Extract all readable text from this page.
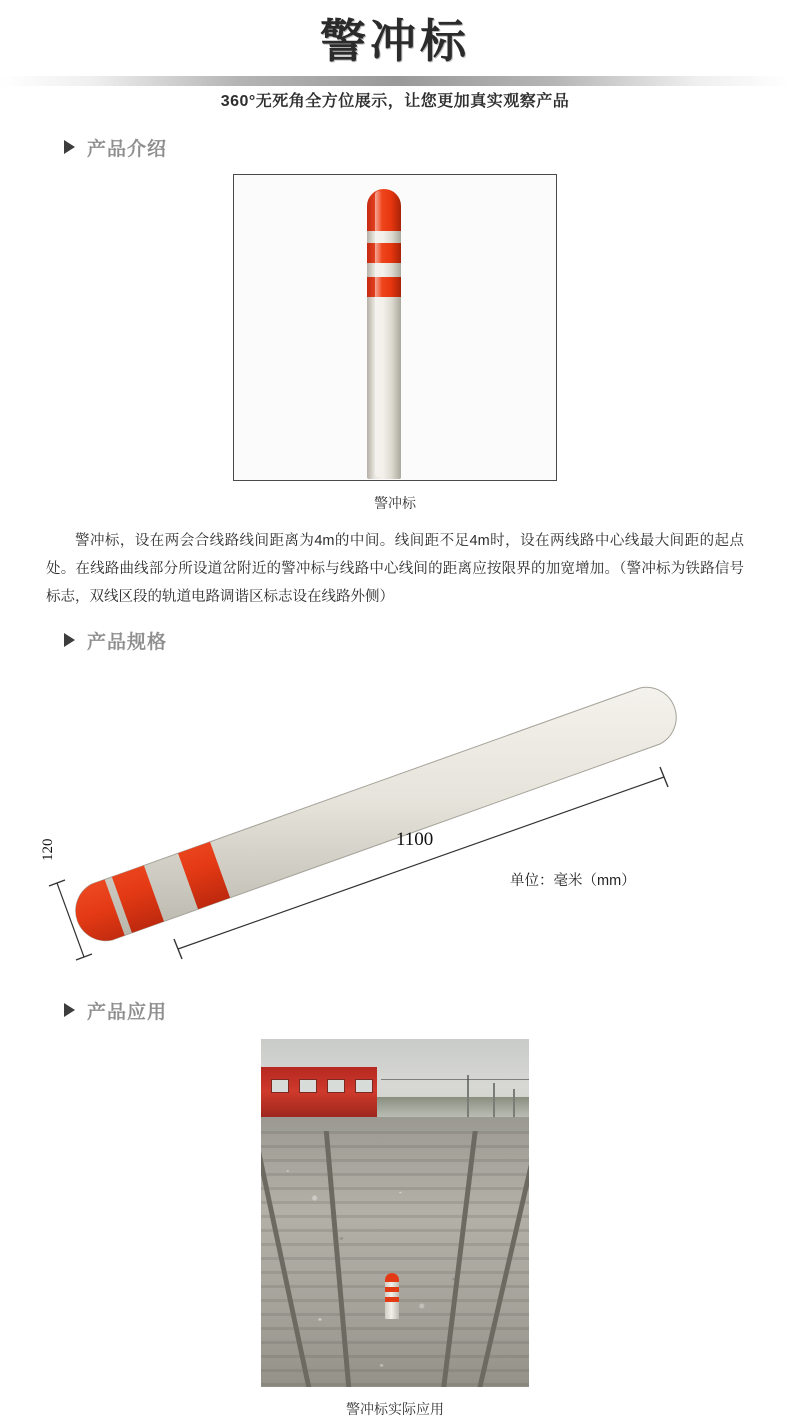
警冲标
360°无死角全方位展示，让您更加真实观察产品
产品介绍
警冲标

警冲标，设在两会合线路线间距离为4m的中间。线间距不足4m时，设在两线路中心线最大间距的起点处。在线路曲线部分所设道岔附近的警冲标与线路中心线间的距离应按限界的加宽增加。（警冲标为铁路信号标志，双线区段的轨道电路调谐区标志设在线路外侧）

产品规格
1100
120
单位：毫米（mm）
产品应用
警冲标实际应用
